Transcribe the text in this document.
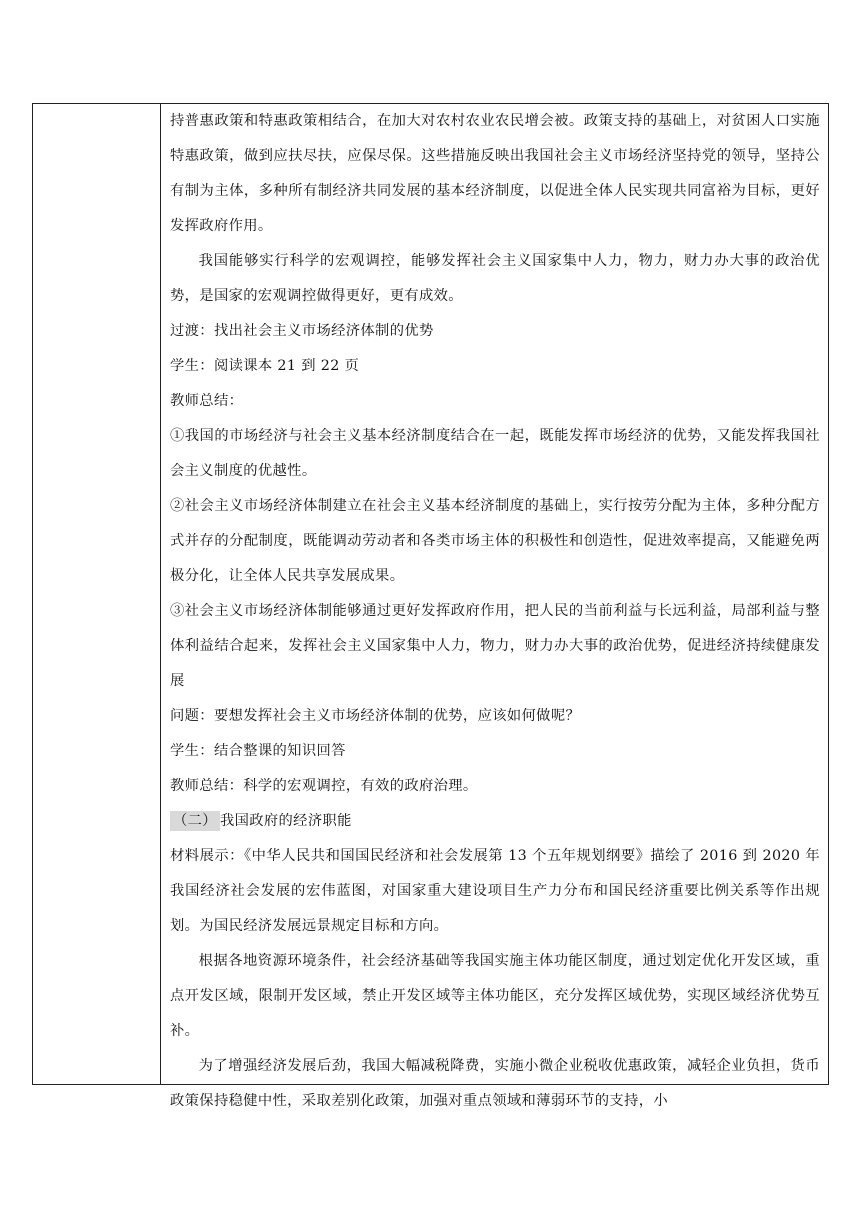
持普惠政策和特惠政策相结合，在加大对农村农业农民增会被。政策支持的基础上，对贫困人口实施特惠政策，做到应扶尽扶，应保尽保。这些措施反映出我国社会主义市场经济坚持党的领导，坚持公有制为主体，多种所有制经济共同发展的基本经济制度，以促进全体人民实现共同富裕为目标，更好发挥政府作用。

我国能够实行科学的宏观调控，能够发挥社会主义国家集中人力，物力，财力办大事的政治优势，是国家的宏观调控做得更好，更有成效。

过渡：找出社会主义市场经济体制的优势

学生：阅读课本 21 到 22 页

教师总结：

①我国的市场经济与社会主义基本经济制度结合在一起，既能发挥市场经济的优势，又能发挥我国社会主义制度的优越性。

②社会主义市场经济体制建立在社会主义基本经济制度的基础上，实行按劳分配为主体，多种分配方式并存的分配制度，既能调动劳动者和各类市场主体的积极性和创造性，促进效率提高，又能避免两极分化，让全体人民共享发展成果。

③社会主义市场经济体制能够通过更好发挥政府作用，把人民的当前利益与长远利益，局部利益与整体利益结合起来，发挥社会主义国家集中人力，物力，财力办大事的政治优势，促进经济持续健康发展

问题：要想发挥社会主义市场经济体制的优势，应该如何做呢？

学生：结合整课的知识回答

教师总结：科学的宏观调控，有效的政府治理。

（二） 我国政府的经济职能

材料展示：《中华人民共和国国民经济和社会发展第 13 个五年规划纲要》描绘了 2016 到 2020 年我国经济社会发展的宏伟蓝图，对国家重大建设项目生产力分布和国民经济重要比例关系等作出规划。为国民经济发展远景规定目标和方向。

根据各地资源环境条件，社会经济基础等我国实施主体功能区制度，通过划定优化开发区域，重点开发区域，限制开发区域，禁止开发区域等主体功能区，充分发挥区域优势，实现区域经济优势互补。

为了增强经济发展后劲，我国大幅减税降费，实施小微企业税收优惠政策，减轻企业负担，货币政策保持稳健中性，采取差别化政策，加强对重点领域和薄弱环节的支持，小
